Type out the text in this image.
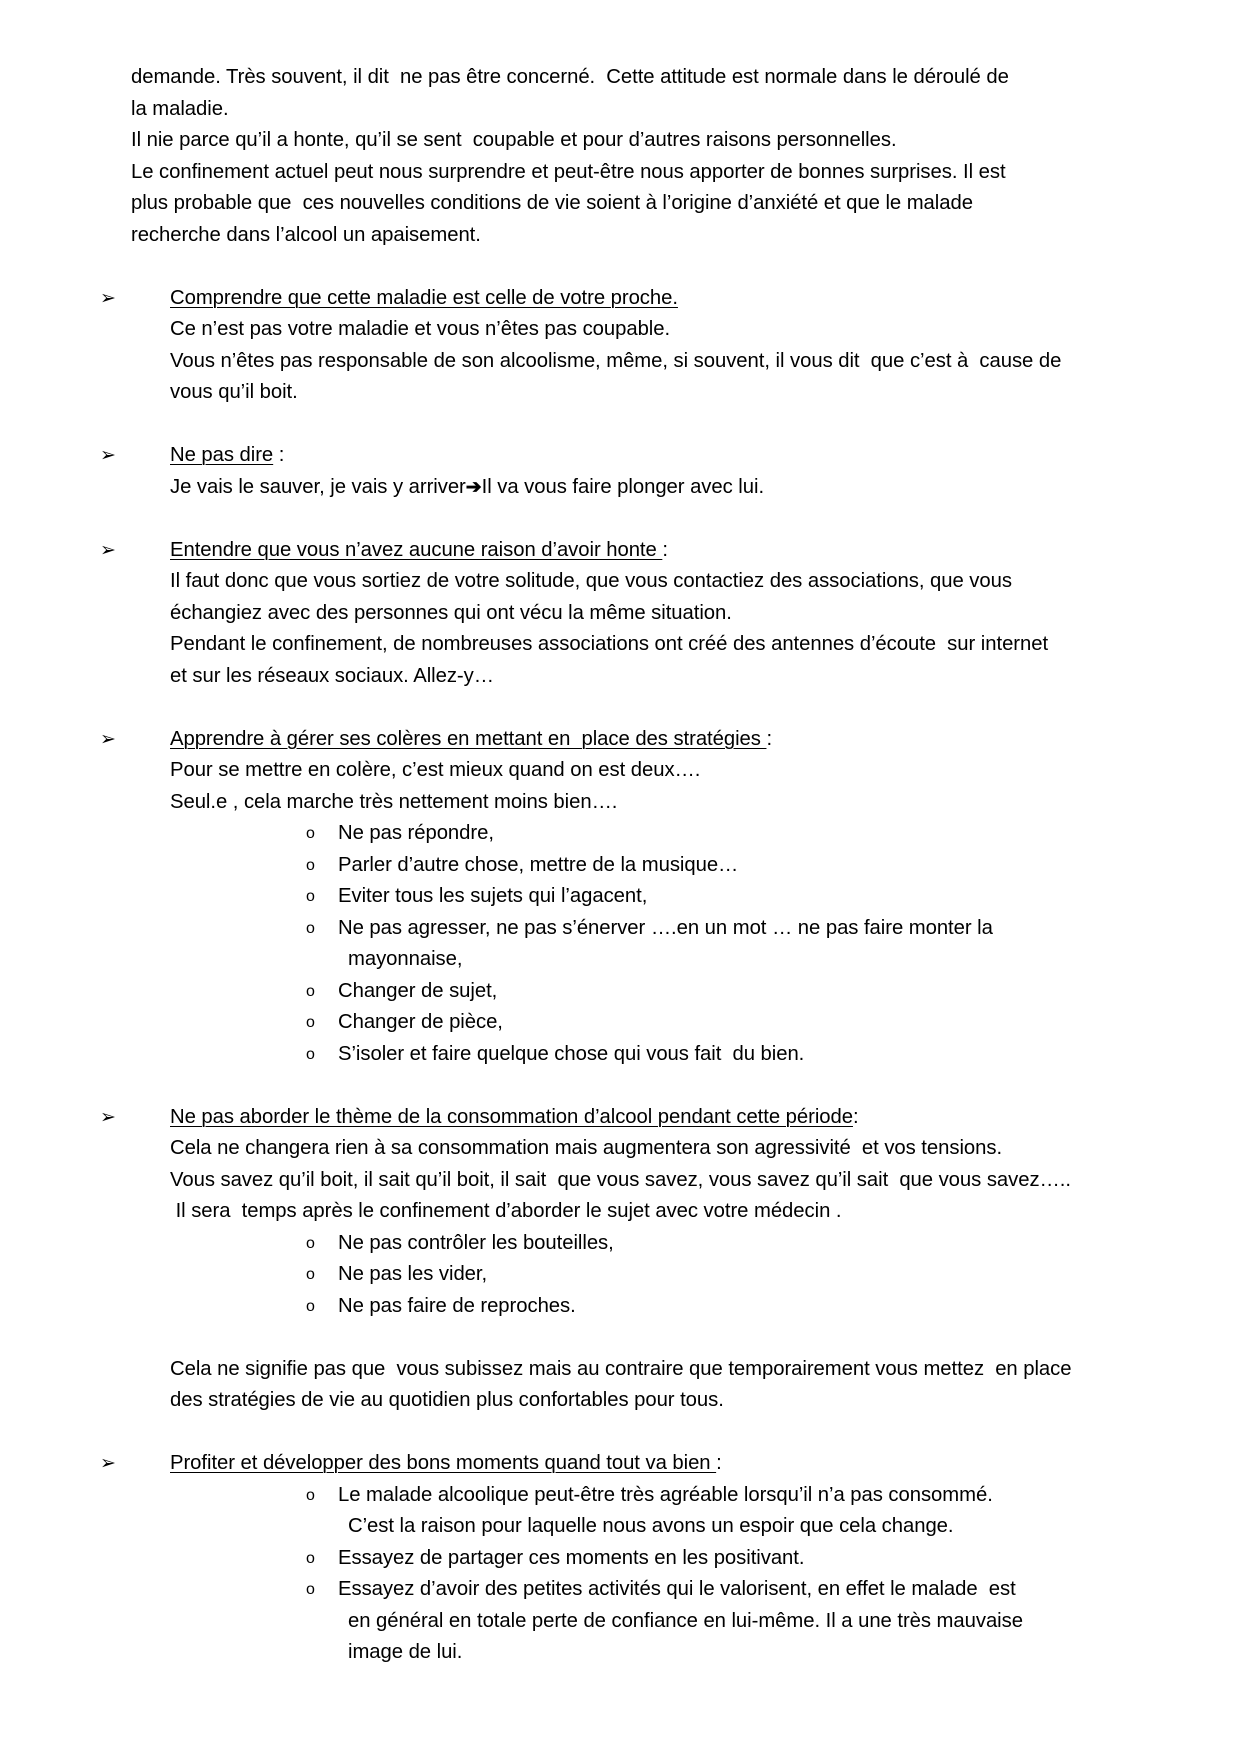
demande. Très souvent, il dit  ne pas être concerné.  Cette attitude est normale dans le déroulé de
la maladie.
Il nie parce qu’il a honte, qu’il se sent  coupable et pour d’autres raisons personnelles.
Le confinement actuel peut nous surprendre et peut-être nous apporter de bonnes surprises. Il est
plus probable que  ces nouvelles conditions de vie soient à l’origine d’anxiété et que le malade
recherche dans l’alcool un apaisement.
➢	Comprendre que cette maladie est celle de votre proche.
Ce n’est pas votre maladie et vous n’êtes pas coupable.
Vous n’êtes pas responsable de son alcoolisme, même, si souvent, il vous dit  que c’est à  cause de
vous qu’il boit.
➢	Ne pas dire :
Je vais le sauver, je vais y arriver➔Il va vous faire plonger avec lui.
➢	Entendre que vous n’avez aucune raison d’avoir honte :
Il faut donc que vous sortiez de votre solitude, que vous contactiez des associations, que vous
échangiez avec des personnes qui ont vécu la même situation.
Pendant le confinement, de nombreuses associations ont créé des antennes d’écoute  sur internet
et sur les réseaux sociaux. Allez-y…
➢	Apprendre à gérer ses colères en mettant en  place des stratégies :
Pour se mettre en colère, c’est mieux quand on est deux….
Seul.e , cela marche très nettement moins bien….
o Ne pas répondre,
o Parler d’autre chose, mettre de la musique…
o Eviter tous les sujets qui l’agacent,
o Ne pas agresser, ne pas s’énerver ….en un mot … ne pas faire monter la
mayonnaise,
o Changer de sujet,
o Changer de pièce,
o S’isoler et faire quelque chose qui vous fait  du bien.
➢	Ne pas aborder le thème de la consommation d’alcool pendant cette période:
Cela ne changera rien à sa consommation mais augmentera son agressivité  et vos tensions.
Vous savez qu’il boit, il sait qu’il boit, il sait  que vous savez, vous savez qu’il sait  que vous savez…..
Il sera  temps après le confinement d’aborder le sujet avec votre médecin .
o Ne pas contrôler les bouteilles,
o Ne pas les vider,
o Ne pas faire de reproches.
Cela ne signifie pas que  vous subissez mais au contraire que temporairement vous mettez  en place
des stratégies de vie au quotidien plus confortables pour tous.
➢	Profiter et développer des bons moments quand tout va bien :
o Le malade alcoolique peut-être très agréable lorsqu’il n’a pas consommé.
C’est la raison pour laquelle nous avons un espoir que cela change.
o Essayez de partager ces moments en les positivant.
o Essayez d’avoir des petites activités qui le valorisent, en effet le malade  est
en général en totale perte de confiance en lui-même. Il a une très mauvaise
image de lui.
